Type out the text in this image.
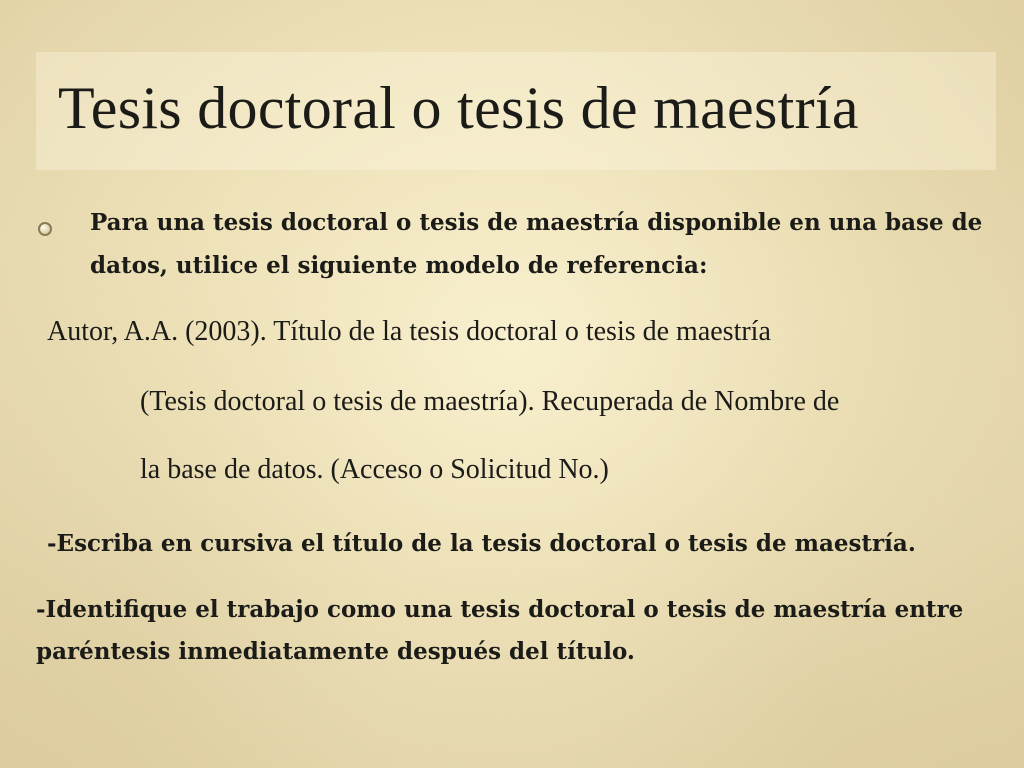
Tesis doctoral o tesis de maestría

Para una tesis doctoral o tesis de maestría disponible en una base de datos, utilice el siguiente modelo de referencia:

Autor, A.A. (2003). Título de la tesis doctoral o tesis de maestría

(Tesis doctoral o tesis de maestría). Recuperada de Nombre de

la base de datos. (Acceso o Solicitud No.)

-Escriba en cursiva el título de la tesis doctoral o tesis de maestría.

-Identifique el trabajo como una tesis doctoral o tesis de maestría entre paréntesis inmediatamente después del título.
